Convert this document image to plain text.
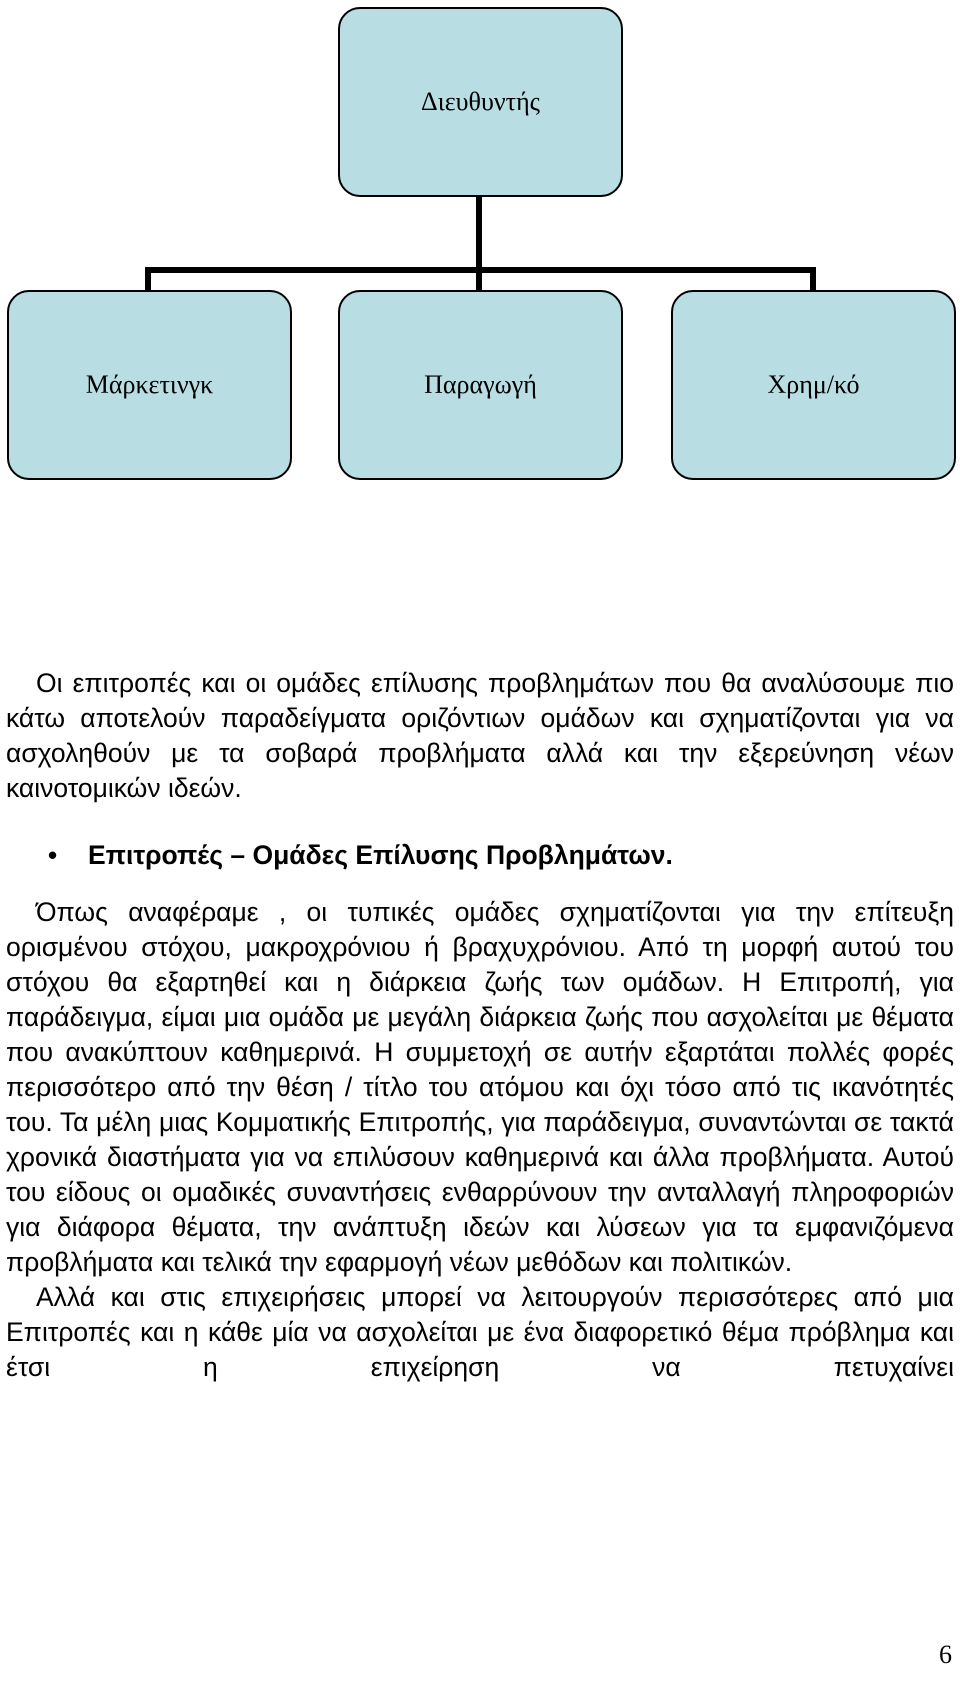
Διευθυντής
Μάρκετινγκ	Παραγωγή	Χρημ/κό

Οι επιτροπές και οι ομάδες επίλυσης προβλημάτων που θα αναλύσουμε πιο κάτω αποτελούν παραδείγματα οριζόντιων ομάδων και σχηματίζονται για να ασχοληθούν με τα σοβαρά προβλήματα αλλά και την εξερεύνηση νέων καινοτομικών ιδεών.

•	Επιτροπές – Ομάδες Επίλυσης Προβλημάτων.

Όπως αναφέραμε , οι τυπικές ομάδες σχηματίζονται για την επίτευξη ορισμένου στόχου, μακροχρόνιου ή βραχυχρόνιου. Από τη μορφή αυτού του στόχου θα εξαρτηθεί και η διάρκεια ζωής των ομάδων. Η Επιτροπή, για παράδειγμα, είμαι μια ομάδα με μεγάλη διάρκεια ζωής που ασχολείται με θέματα που ανακύπτουν καθημερινά. Η συμμετοχή σε αυτήν εξαρτάται πολλές φορές περισσότερο από την θέση / τίτλο του ατόμου και όχι τόσο από τις ικανότητές του. Τα μέλη μιας Κομματικής Επιτροπής, για παράδειγμα, συναντώνται σε τακτά χρονικά διαστήματα για να επιλύσουν καθημερινά και άλλα προβλήματα. Αυτού του είδους οι ομαδικές συναντήσεις ενθαρρύνουν την ανταλλαγή πληροφοριών για διάφορα θέματα, την ανάπτυξη ιδεών και λύσεων για τα εμφανιζόμενα προβλήματα και τελικά την εφαρμογή νέων μεθόδων και πολιτικών.

Αλλά και στις επιχειρήσεις μπορεί να λειτουργούν περισσότερες από μια Επιτροπές και η κάθε μία να ασχολείται με ένα διαφορετικό θέμα πρόβλημα και έτσι η επιχείρηση να πετυχαίνει

6
